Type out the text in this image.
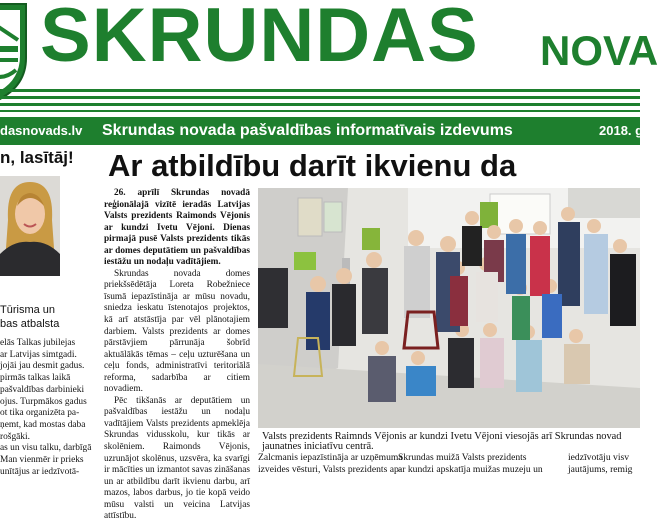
SKRUNDAS NOVA
dasnovads.lv Skrundas novada pašvaldības informatīvais izdevums	2018. g
n, lasītāj!
Tūrisma un
bas atbalsta

elās Talkas jubilejas

ar Latvijas simtgadi.

jojāi jau desmit gadus.

pirmās talkas laikā

pašvaldības darbinieki

ojus. Turpmākos gadus

ot tika organizēta pa-

ņemt, kad mostas daba

rošgāki.

as un visu talku, darbīgā

Man vienmēr ir prieks

unītājus ar iedzīvotā-

Ar atbildību darīt ikvienu da

26. aprīlī Skrundas novadā reģionālajā vizītē ieradās Latvijas Valsts prezidents Raimonds Vējonis ar kundzi Ivetu Vējoni. Dienas pirmajā pusē Valsts prezidents tikās ar domes deputātiem un pašvaldības iestāžu un nodaļu vadītājiem.

Skrundas novada domes priekšsēdētāja Loreta Robežniece īsumā iepazīstināja ar mūsu novadu, sniedza ieskatu īstenotajos projektos, kā arī atstāstīja par vēl plānotajiem darbiem. Valsts prezidents ar domes pārstāvjiem pārrunāja šobrīd aktuālākās tēmas – ceļu uzturēšana un ceļu fonds, administratīvi teritoriālā reforma, sadarbība ar citiem novadiem.

Pēc tikšanās ar deputātiem un pašvaldības iestāžu un nodaļu vadītājiem Valsts prezidents apmeklēja Skrundas vidusskolu, kur tikās ar skolēniem. Raimonds Vējonis, uzrunājot skolēnus, uzsvēra, ka svarīgi ir mācīties un izmantot savas zināšanas un ar atbildību darīt ikvienu darbu, arī mazos, labos darbus, jo tie kopā veido mūsu valsti un veicina Latvijas attīstību.

Valsts prezidents Raimnds Vējonis ar kundzi Ivetu Vējoni viesojās arī Skrundas novad
jaunatnes iniciatīvu centrā.
Zalcmanis iepazīstināja ar uzņēmuma
izveides vēsturi, Valsts prezidents ap-
Skrundas muižā Valsts prezidents
ar kundzi apskatīja muižas muzeju un
iedzīvotāju visv
jautājums, remig
